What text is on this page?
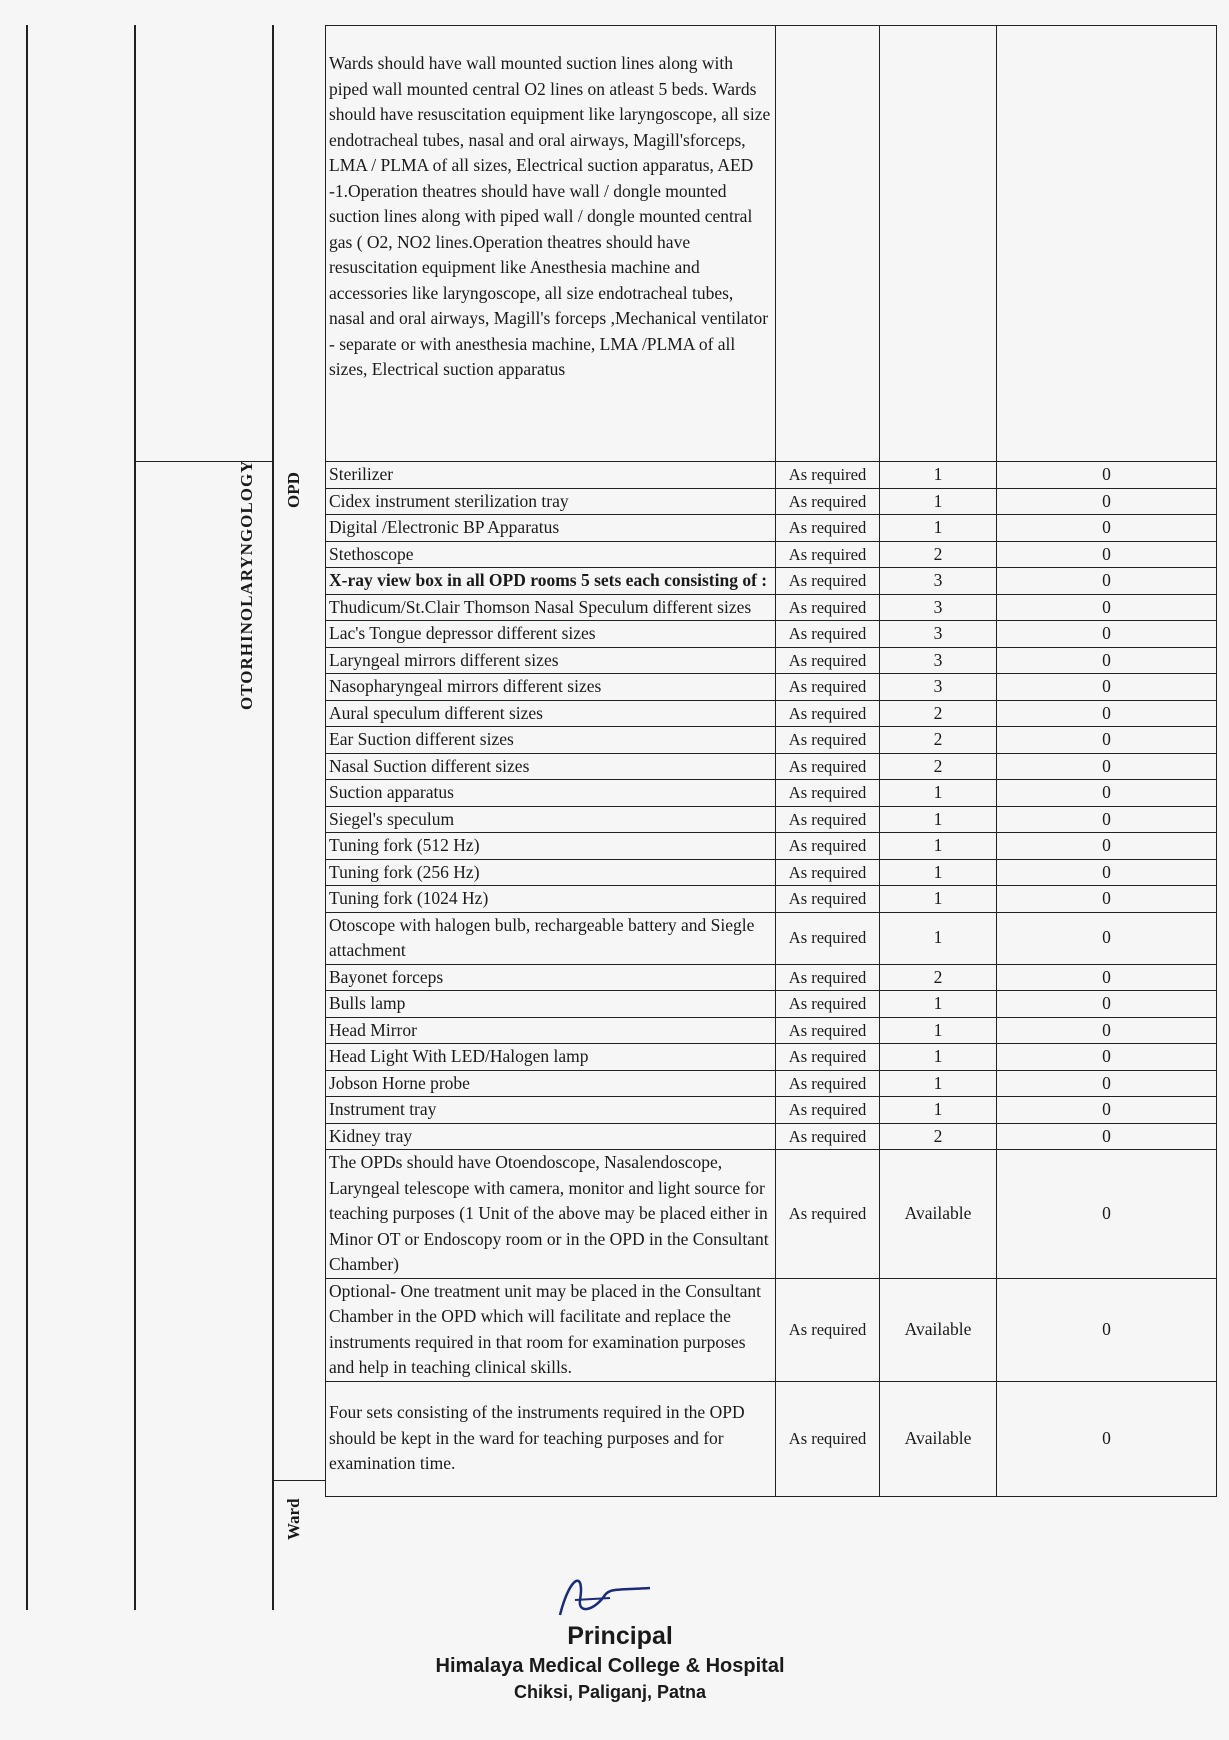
OTORHINOLARYNGOLOGY	OPD
Ward
Wards should have wall mounted suction lines along with piped wall mounted central O2 lines on atleast 5 beds. Wards should have resuscitation equipment like laryngoscope, all size endotracheal tubes, nasal and oral airways, Magill'sforceps, LMA / PLMA of all sizes, Electrical suction apparatus, AED -1.Operation theatres should have wall / dongle mounted suction lines along with piped wall / dongle mounted central gas ( O2, NO2 lines.Operation theatres should have resuscitation equipment like Anesthesia machine and accessories like laryngoscope, all size endotracheal tubes, nasal and oral airways, Magill's forceps ,Mechanical ventilator - separate or with anesthesia machine, LMA /PLMA of all sizes, Electrical suction apparatus			
Sterilizer	As required	1	0
Cidex instrument sterilization tray	As required	1	0
Digital /Electronic BP Apparatus	As required	1	0
Stethoscope	As required	2	0
X-ray view box in all OPD rooms 5 sets each consisting of :	As required	3	0
Thudicum/St.Clair Thomson Nasal Speculum different sizes	As required	3	0
Lac's Tongue depressor different sizes	As required	3	0
Laryngeal mirrors different sizes	As required	3	0
Nasopharyngeal mirrors different sizes	As required	3	0
Aural speculum different sizes	As required	2	0
Ear Suction different sizes	As required	2	0
Nasal Suction different sizes	As required	2	0
Suction apparatus	As required	1	0
Siegel's speculum	As required	1	0
Tuning fork (512 Hz)	As required	1	0
Tuning fork (256 Hz)	As required	1	0
Tuning fork (1024 Hz)	As required	1	0
Otoscope with halogen bulb, rechargeable battery and Siegle attachment	As required	1	0
Bayonet forceps	As required	2	0
Bulls lamp	As required	1	0
Head Mirror	As required	1	0
Head Light With LED/Halogen lamp	As required	1	0
Jobson Horne probe	As required	1	0
Instrument tray	As required	1	0
Kidney tray	As required	2	0
The OPDs should have Otoendoscope, Nasalendoscope, Laryngeal telescope with camera, monitor and light source for teaching purposes (1 Unit of the above may be placed either in Minor OT or Endoscopy room or in the OPD in the Consultant Chamber)	As required	Available	0
Optional- One treatment unit may be placed in the Consultant Chamber in the OPD which will facilitate and replace the instruments required in that room for examination purposes and help in teaching clinical skills.	As required	Available	0
Four sets consisting of the instruments required in the OPD should be kept in the ward for teaching purposes and for examination time.	As required	Available	0
Principal
Himalaya Medical College & Hospital
Chiksi, Paliganj, Patna
